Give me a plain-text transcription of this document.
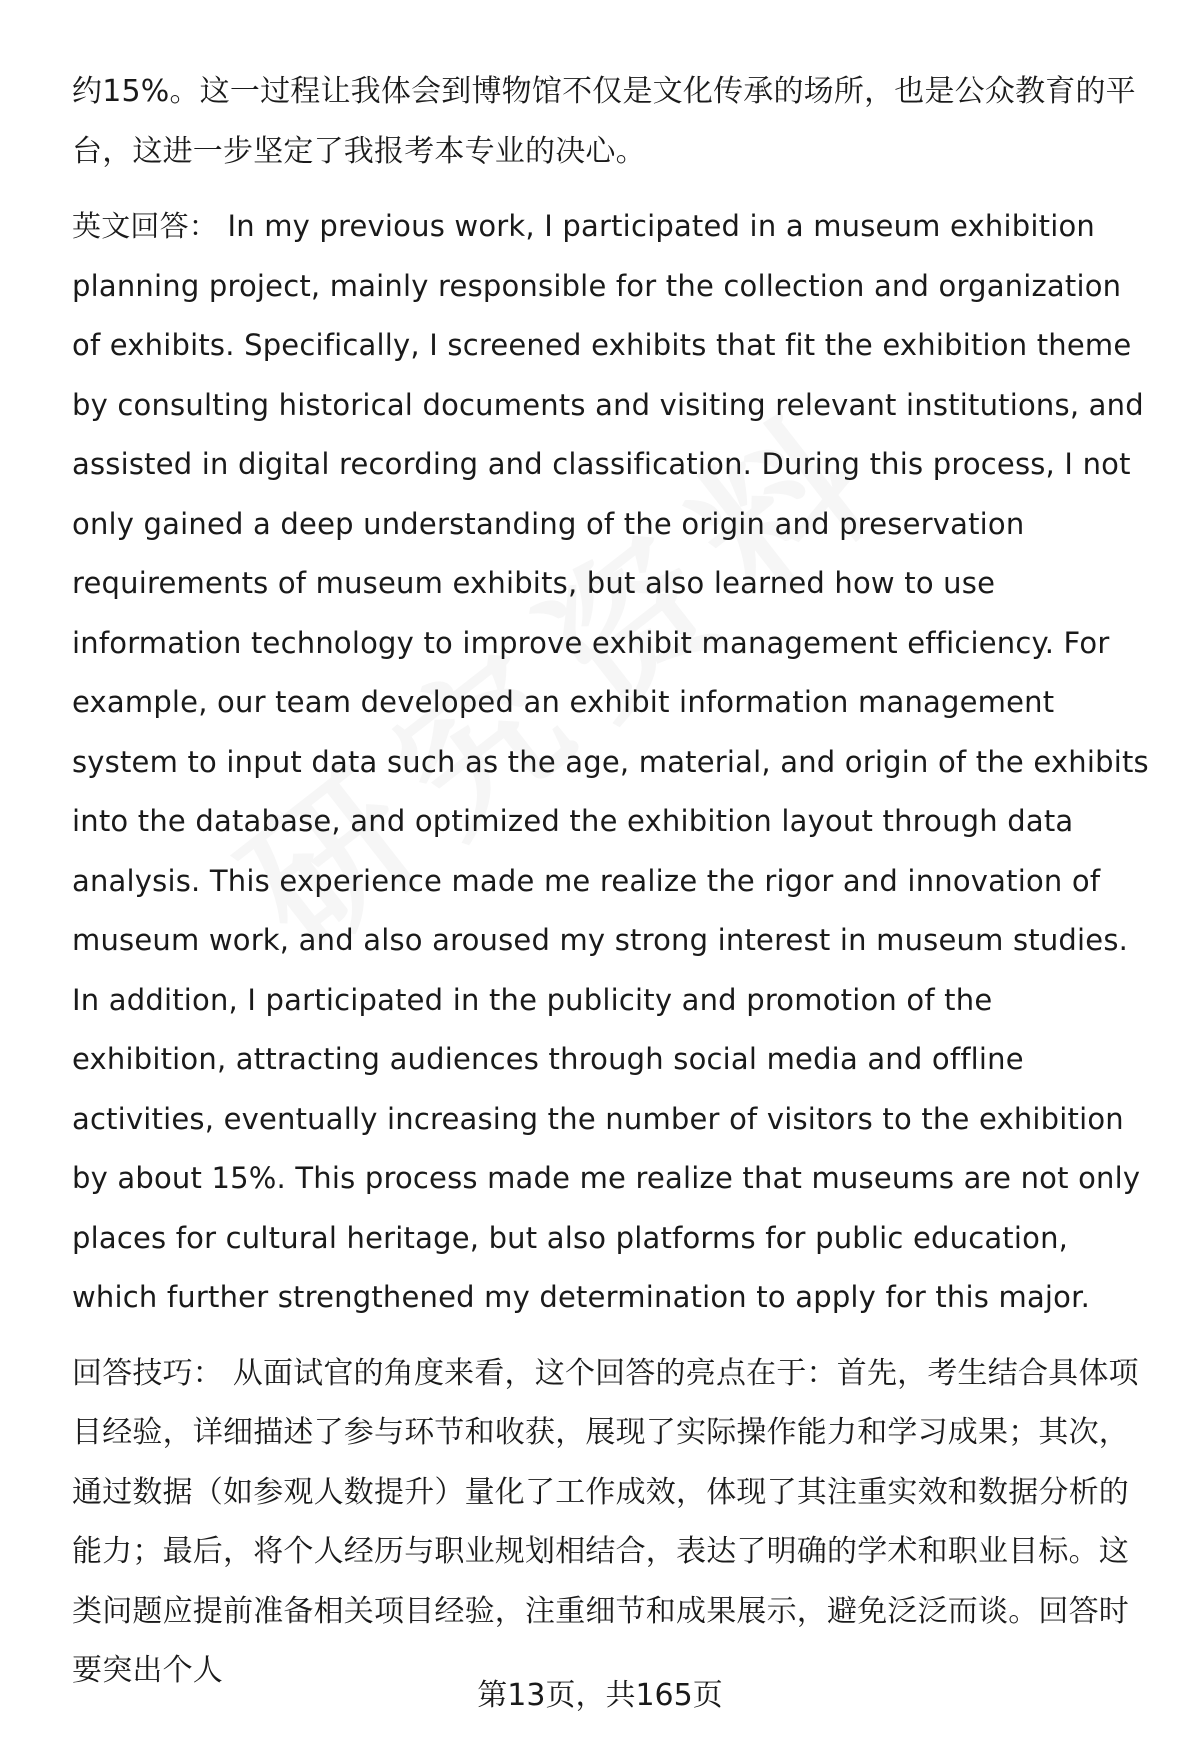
约15%。这一过程让我体会到博物馆不仅是文化传承的场所，也是公众教育的平台，这进一步坚定了我报考本专业的决心。

英文回答： In my previous work, I participated in a museum exhibition planning project, mainly responsible for the collection and organization of exhibits. Specifically, I screened exhibits that fit the exhibition theme by consulting historical documents and visiting relevant institutions, and assisted in digital recording and classification. During this process, I not only gained a deep understanding of the origin and preservation requirements of museum exhibits, but also learned how to use information technology to improve exhibit management efficiency. For example, our team developed an exhibit information management system to input data such as the age, material, and origin of the exhibits into the database, and optimized the exhibition layout through data analysis. This experience made me realize the rigor and innovation of museum work, and also aroused my strong interest in museum studies. In addition, I participated in the publicity and promotion of the exhibition, attracting audiences through social media and offline activities, eventually increasing the number of visitors to the exhibition by about 15%. This process made me realize that museums are not only places for cultural heritage, but also platforms for public education, which further strengthened my determination to apply for this major.

回答技巧： 从面试官的角度来看，这个回答的亮点在于：首先，考生结合具体项目经验，详细描述了参与环节和收获，展现了实际操作能力和学习成果；其次，通过数据（如参观人数提升）量化了工作成效，体现了其注重实效和数据分析的能力；最后，将个人经历与职业规划相结合，表达了明确的学术和职业目标。这类问题应提前准备相关项目经验，注重细节和成果展示，避免泛泛而谈。回答时要突出个人

第13页，共165页
